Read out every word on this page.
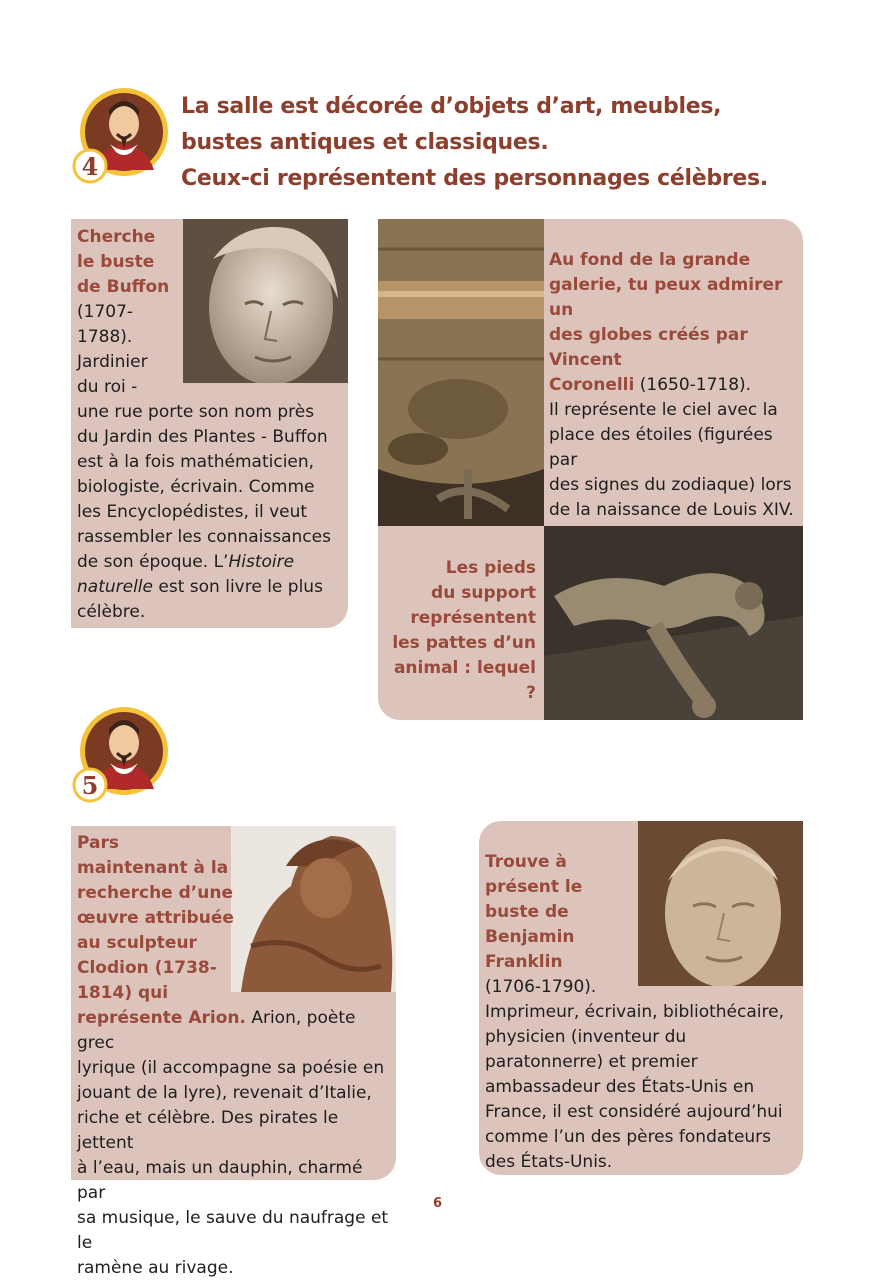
4
La salle est décorée d’objets d’art, meubles,
bustes antiques et classiques.
Ceux-ci représentent des personnages célèbres.
Cherche
le buste
de Buffon
(1707-
1788).
Jardinier
du roi -
une rue porte son nom près
du Jardin des Plantes - Buffon
est à la fois mathématicien,
biologiste, écrivain. Comme
les Encyclopédistes, il veut
rassembler les connaissances
de son époque. L’Histoire
naturelle est son livre le plus
célèbre.
Au fond de la grande
galerie, tu peux admirer un
des globes créés par Vincent
Coronelli (1650-1718).
Il représente le ciel avec la
place des étoiles (figurées par
des signes du zodiaque) lors
de la naissance de Louis XIV.
Les pieds
du support
représentent
les pattes d’un
animal : lequel ?
5
Pars
maintenant à la
recherche d’une
œuvre attribuée
au sculpteur
Clodion (1738-
1814) qui
représente Arion. Arion, poète grec
lyrique (il accompagne sa poésie en
jouant de la lyre), revenait d’Italie,
riche et célèbre. Des pirates le jettent
à l’eau, mais un dauphin, charmé par
sa musique, le sauve du naufrage et le
ramène au rivage.
Trouve à
présent le
buste de
Benjamin
Franklin
(1706-1790).
Imprimeur, écrivain, bibliothécaire,
physicien (inventeur du
paratonnerre) et premier
ambassadeur des États-Unis en
France, il est considéré aujourd’hui
comme l’un des pères fondateurs
des États-Unis.
6
